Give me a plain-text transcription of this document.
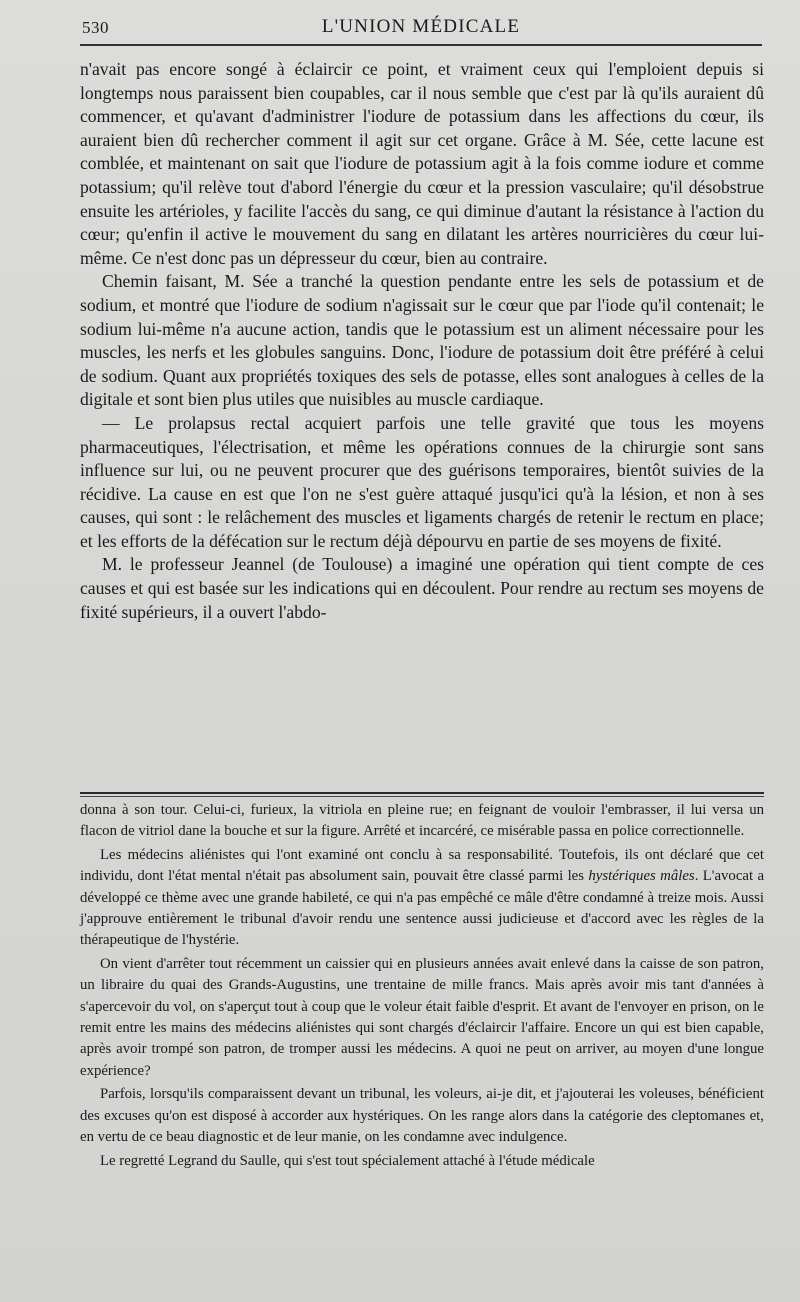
530	L'UNION MÉDICALE

n'avait pas encore songé à éclaircir ce point, et vraiment ceux qui l'emploient depuis si longtemps nous paraissent bien coupables, car il nous semble que c'est par là qu'ils auraient dû commencer, et qu'avant d'administrer l'iodure de potassium dans les affections du cœur, ils auraient bien dû rechercher comment il agit sur cet organe. Grâce à M. Sée, cette lacune est comblée, et maintenant on sait que l'iodure de potassium agit à la fois comme iodure et comme potassium; qu'il relève tout d'abord l'énergie du cœur et la pression vasculaire; qu'il désobstrue ensuite les artérioles, y facilite l'accès du sang, ce qui diminue d'autant la résistance à l'action du cœur; qu'enfin il active le mouvement du sang en dilatant les artères nourricières du cœur lui-même. Ce n'est donc pas un dépresseur du cœur, bien au contraire.

Chemin faisant, M. Sée a tranché la question pendante entre les sels de potassium et de sodium, et montré que l'iodure de sodium n'agissait sur le cœur que par l'iode qu'il contenait; le sodium lui-même n'a aucune action, tandis que le potassium est un aliment nécessaire pour les muscles, les nerfs et les globules sanguins. Donc, l'iodure de potassium doit être préféré à celui de sodium. Quant aux propriétés toxiques des sels de potasse, elles sont analogues à celles de la digitale et sont bien plus utiles que nuisibles au muscle cardiaque.

— Le prolapsus rectal acquiert parfois une telle gravité que tous les moyens pharmaceutiques, l'électrisation, et même les opérations connues de la chirurgie sont sans influence sur lui, ou ne peuvent procurer que des guérisons temporaires, bientôt suivies de la récidive. La cause en est que l'on ne s'est guère attaqué jusqu'ici qu'à la lésion, et non à ses causes, qui sont : le relâchement des muscles et ligaments chargés de retenir le rectum en place; et les efforts de la défécation sur le rectum déjà dépourvu en partie de ses moyens de fixité.

M. le professeur Jeannel (de Toulouse) a imaginé une opération qui tient compte de ces causes et qui est basée sur les indications qui en découlent. Pour rendre au rectum ses moyens de fixité supérieurs, il a ouvert l'abdo-

donna à son tour. Celui-ci, furieux, la vitriola en pleine rue; en feignant de vouloir l'embrasser, il lui versa un flacon de vitriol dane la bouche et sur la figure. Arrêté et incarcéré, ce misérable passa en police correctionnelle.

Les médecins aliénistes qui l'ont examiné ont conclu à sa responsabilité. Toutefois, ils ont déclaré que cet individu, dont l'état mental n'était pas absolument sain, pouvait être classé parmi les hystériques mâles. L'avocat a développé ce thème avec une grande habileté, ce qui n'a pas empêché ce mâle d'être condamné à treize mois. Aussi j'approuve entièrement le tribunal d'avoir rendu une sentence aussi judicieuse et d'accord avec les règles de la thérapeutique de l'hystérie.

On vient d'arrêter tout récemment un caissier qui en plusieurs années avait enlevé dans la caisse de son patron, un libraire du quai des Grands-Augustins, une trentaine de mille francs. Mais après avoir mis tant d'années à s'apercevoir du vol, on s'aperçut tout à coup que le voleur était faible d'esprit. Et avant de l'envoyer en prison, on le remit entre les mains des médecins aliénistes qui sont chargés d'éclaircir l'affaire. Encore un qui est bien capable, après avoir trompé son patron, de tromper aussi les médecins. A quoi ne peut on arriver, au moyen d'une longue expérience?

Parfois, lorsqu'ils comparaissent devant un tribunal, les voleurs, ai-je dit, et j'ajouterai les voleuses, bénéficient des excuses qu'on est disposé à accorder aux hystériques. On les range alors dans la catégorie des cleptomanes et, en vertu de ce beau diagnostic et de leur manie, on les condamne avec indulgence.

Le regretté Legrand du Saulle, qui s'est tout spécialement attaché à l'étude médicale
